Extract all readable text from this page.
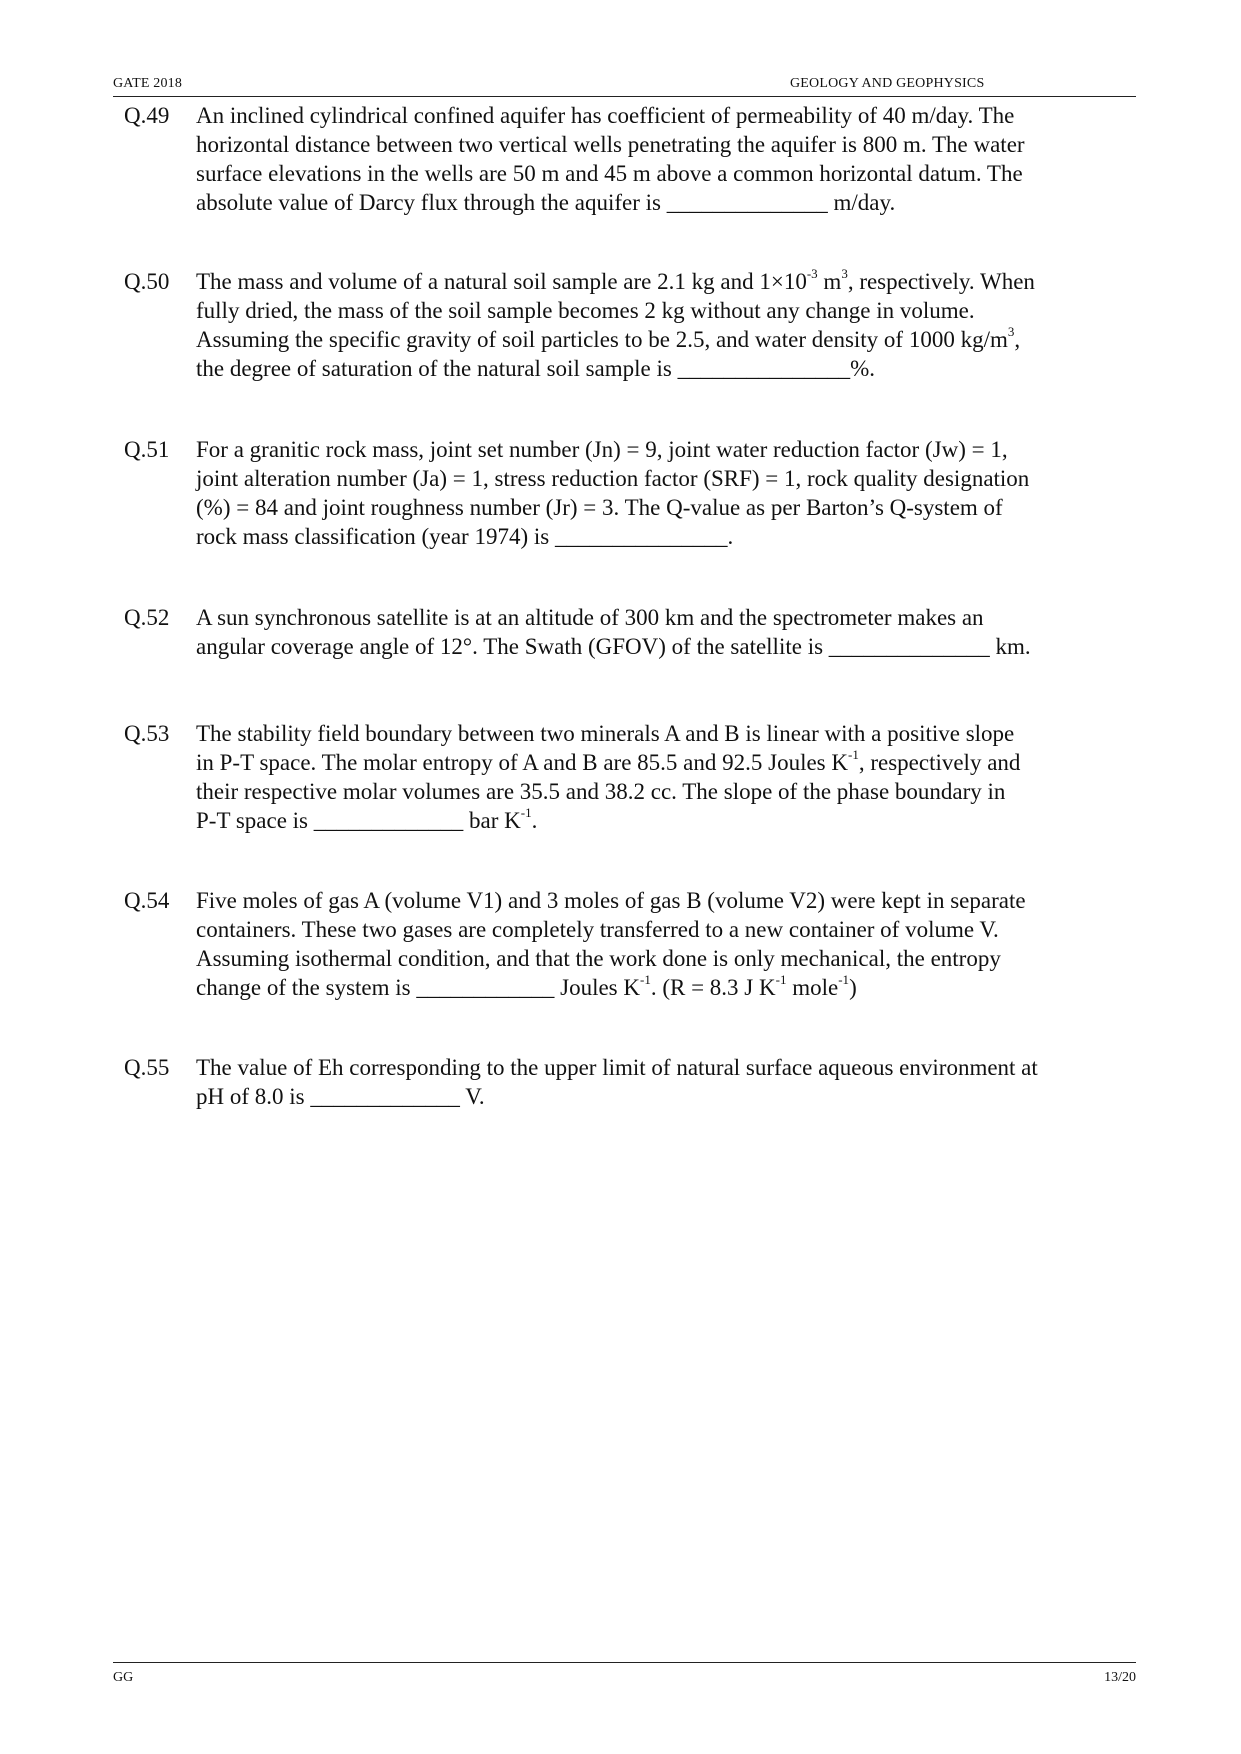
GATE 2018	GEOLOGY AND GEOPHYSICS
Q.49 An inclined cylindrical confined aquifer has coefficient of permeability of 40 m/day. The
horizontal distance between two vertical wells penetrating the aquifer is 800 m. The water
surface elevations in the wells are 50 m and 45 m above a common horizontal datum. The
absolute value of Darcy flux through the aquifer is ______________ m/day.
Q.50 The mass and volume of a natural soil sample are 2.1 kg and $1\times 10^{-3}$ $m^3$, respectively. When
fully dried, the mass of the soil sample becomes 2 kg without any change in volume.
Assuming the specific gravity of soil particles to be 2.5, and water density of 1000 $kg/m^3$,
the degree of saturation of the natural soil sample is _______________%.
Q.51 For a granitic rock mass, joint set number (Jn) = 9, joint water reduction factor (Jw) = 1,
joint alteration number (Ja) = 1, stress reduction factor (SRF) = 1, rock quality designation
(%) = 84 and joint roughness number (Jr) = 3. The Q-value as per Barton’s Q-system of
rock mass classification (year 1974) is _______________.
Q.52 A sun synchronous satellite is at an altitude of 300 km and the spectrometer makes an
angular coverage angle of 12°. The Swath (GFOV) of the satellite is ______________ km.
Q.53 The stability field boundary between two minerals A and B is linear with a positive slope
in P-T space. The molar entropy of A and B are 85.5 and 92.5 Joules $K^{-1}$, respectively and
their respective molar volumes are 35.5 and 38.2 cc. The slope of the phase boundary in
P-T space is _____________ bar $K^{-1}$.
Q.54 Five moles of gas A (volume V1) and 3 moles of gas B (volume V2) were kept in separate
containers. These two gases are completely transferred to a new container of volume V.
Assuming isothermal condition, and that the work done is only mechanical, the entropy
change of the system is ____________ Joules $K^{-1}$. (R = 8.3 J $K^{-1}$ mole$^{-1}$)
Q.55 The value of Eh corresponding to the upper limit of natural surface aqueous environment at
pH of 8.0 is _____________ V.
GG	13/20
